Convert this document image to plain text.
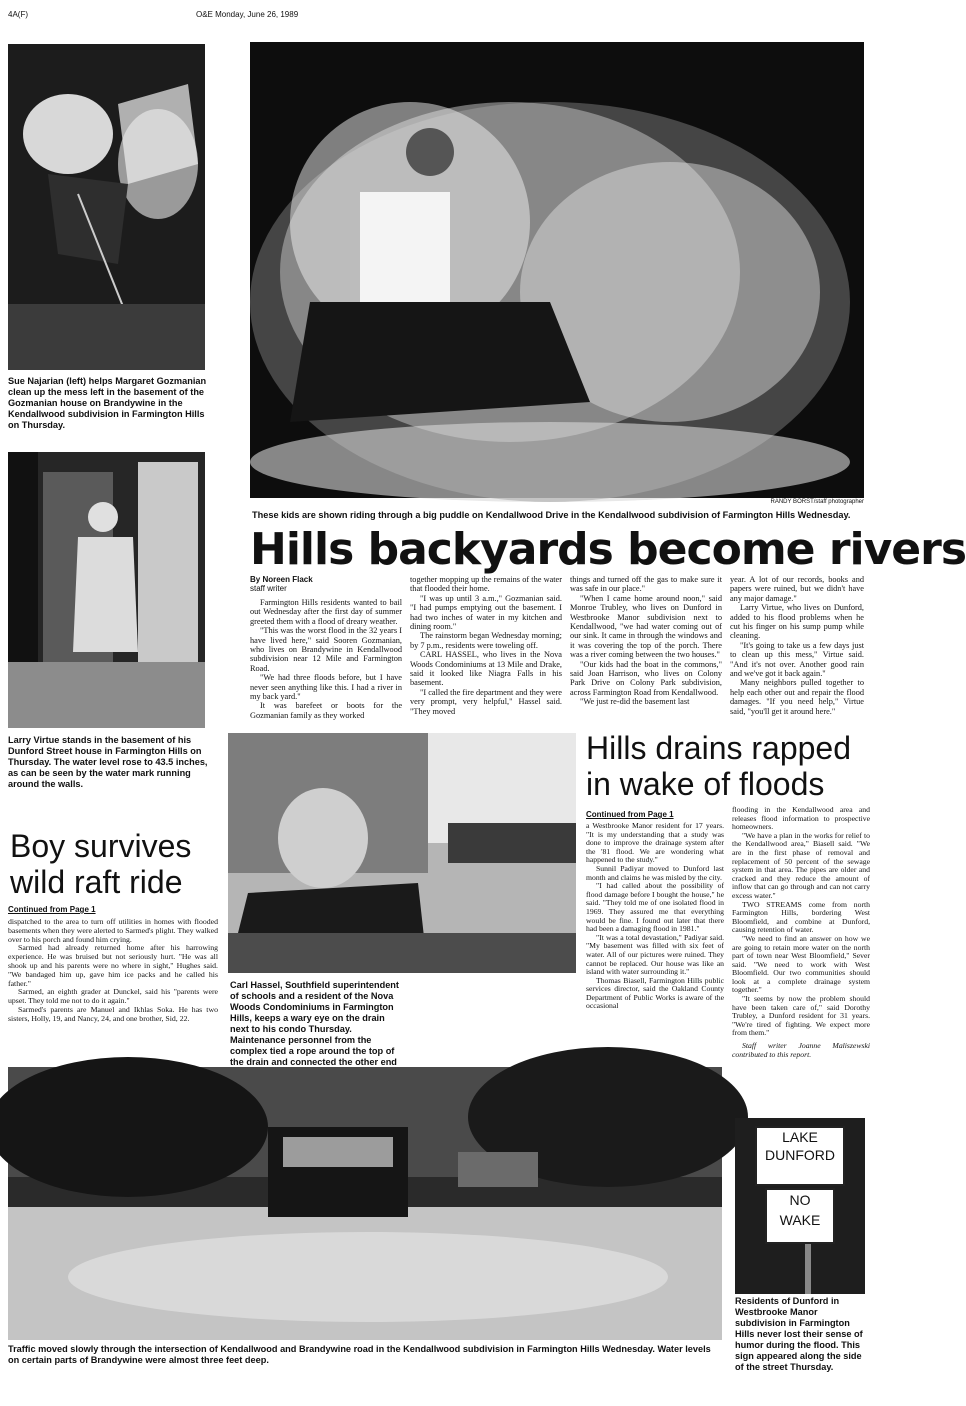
4A(F)	O&E Monday, June 26, 1989
Sue Najarian (left) helps Margaret Gozmanian clean up the mess left in the basement of the Gozmanian house on Brandywine in the Kendallwood subdivision in Farmington Hills on Thursday.
RANDY BORST/staff photographer
These kids are shown riding through a big puddle on Kendallwood Drive in the Kendallwood subdivision of Farmington Hills Wednesday.
Larry Virtue stands in the basement of his Dunford Street house in Farmington Hills on Thursday. The water level rose to 43.5 inches, as can be seen by the water mark running around the walls.
Hills backyards become rivers
By Noreen Flack
staff writer

Farmington Hills residents wanted to bail out Wednesday after the first day of summer greeted them with a flood of dreary weather.

"This was the worst flood in the 32 years I have lived here," said Sooren Gozmanian, who lives on Brandywine in Kendallwood subdivision near 12 Mile and Farmington Road.

"We had three floods before, but I have never seen anything like this. I had a river in my back yard."

It was barefeet or boots for the Gozmanian family as they worked

together mopping up the remains of the water that flooded their home.

"I was up until 3 a.m.," Gozmanian said. "I had pumps emptying out the basement. I had two inches of water in my kitchen and dining room."

The rainstorm began Wednesday morning; by 7 p.m., residents were toweling off.

CARL HASSEL, who lives in the Nova Woods Condominiums at 13 Mile and Drake, said it looked like Niagra Falls in his basement.

"I called the fire department and they were very prompt, very helpful," Hassel said. "They moved

things and turned off the gas to make sure it was safe in our place."

"When I came home around noon," said Monroe Trubley, who lives on Dunford in Westbrooke Manor subdivision next to Kendallwood, "we had water coming out of our sink. It came in through the windows and it was covering the top of the porch. There was a river coming between the two houses."

"Our kids had the boat in the commons," said Joan Harrison, who lives on Colony Park Drive on Colony Park subdivision, across Farmington Road from Kendallwood.

"We just re-did the basement last

year. A lot of our records, books and papers were ruined, but we didn't have any major damage."

Larry Virtue, who lives on Dunford, added to his flood problems when he cut his finger on his sump pump while cleaning.

"It's going to take us a few days just to clean up this mess," Virtue said. "And it's not over. Another good rain and we've got it back again."

Many neighbors pulled together to help each other out and repair the flood damages. "If you need help," Virtue said, "you'll get it around here."

Boy survives wild raft ride
Continued from Page 1

dispatched to the area to turn off utilities in homes with flooded basements when they were alerted to Sarmed's plight. They walked over to his porch and found him crying.

Sarmed had already returned home after his harrowing experience. He was bruised but not seriously hurt. "He was all shook up and his parents were no where in sight," Hughes said. "We bandaged him up, gave him ice packs and he called his father."

Sarmed, an eighth grader at Dunckel, said his "parents were upset. They told me not to do it again."

Sarmed's parents are Manuel and Ikhlas Soka. He has two sisters, Holly, 19, and Nancy, 24, and one brother, Sid, 22.

Carl Hassel, Southfield superintendent of schools and a resident of the Nova Woods Condominiums in Farmington Hills, keeps a wary eye on the drain next to his condo Thursday. Maintenance personnel from the complex tied a rope around the top of the drain and connected the other end
Hills drains rapped in wake of floods
Continued from Page 1

a Westbrooke Manor resident for 17 years. "It is my understanding that a study was done to improve the drainage system after the '81 flood. We are wondering what happened to the study."

Sunnil Padiyar moved to Dunford last month and claims he was misled by the city.

"I had called about the possibility of flood damage before I bought the house," he said. "They told me of one isolated flood in 1969. They assured me that everything would be fine. I found out later that there had been a damaging flood in 1981."

"It was a total devastation," Padiyar said. "My basement was filled with six feet of water. All of our pictures were ruined. They cannot be replaced. Our house was like an island with water surrounding it."

Thomas Biasell, Farmington Hills public services director, said the Oakland County Department of Public Works is aware of the occasional

flooding in the Kendallwood area and releases flood information to prospective homeowners.

"We have a plan in the works for relief to the Kendallwood area," Biasell said. "We are in the first phase of removal and replacement of 50 percent of the sewage system in that area. The pipes are older and cracked and they reduce the amount of inflow that can go through and can not carry excess water."

TWO STREAMS come from north Farmington Hills, bordering West Bloomfield, and combine at Dunford, causing retention of water.

"We need to find an answer on how we are going to retain more water on the north part of town near West Bloomfield," Sever said. "We need to work with West Bloomfield. Our two communities should look at a complete drainage system together."

"It seems by now the problem should have been taken care of," said Dorothy Trubley, a Dunford resident for 31 years. "We're tired of fighting. We expect more from them."

Staff writer Joanne Maliszewski contributed to this report.

Traffic moved slowly through the intersection of Kendallwood and Brandywine road in the Kendallwood subdivision in Farmington Hills Wednesday. Water levels on certain parts of Brandywine were almost three feet deep.
LAKE
DUNFORD
NO
WAKE
Residents of Dunford in Westbrooke Manor subdivision in Farmington Hills never lost their sense of humor during the flood. This sign appeared along the side of the street Thursday.
